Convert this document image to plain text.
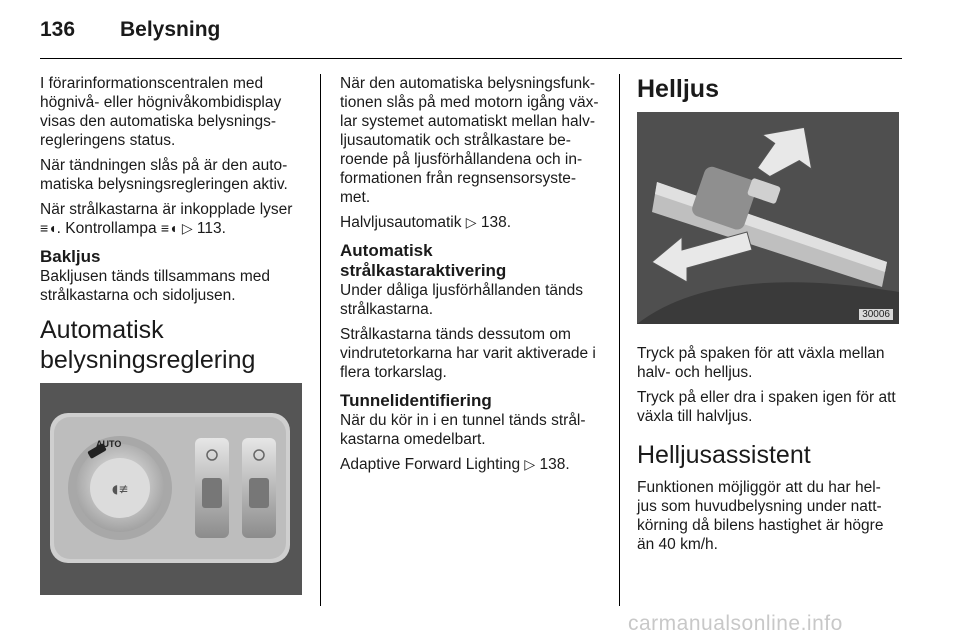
136 Belysning

I förarinformationscentralen med
högnivå- eller högnivåkombidisplay
visas den automatiska belysnings-
regleringens status.

När tändningen slås på är den auto-
matiska belysningsregleringen aktiv.

När strålkastarna är inkopplade lyser
≡◖. Kontrollampa ≡◖ ▷ 113.

Bakljus

Bakljusen tänds tillsammans med
strålkastarna och sidoljusen.

Automatisk
belysningsreglering
AUTO
◖≢

När den automatiska belysningsfunk-
tionen slås på med motorn igång väx-
lar systemet automatiskt mellan halv-
ljusautomatik och strålkastare be-
roende på ljusförhållandena och in-
formationen från regnsensorsyste-
met.

Halvljusautomatik ▷ 138.

Automatisk
strålkastaraktivering

Under dåliga ljusförhållanden tänds
strålkastarna.

Strålkastarna tänds dessutom om
vindrutetorkarna har varit aktiverade i
flera torkarslag.

Tunnelidentifiering

När du kör in i en tunnel tänds strål-
kastarna omedelbart.

Adaptive Forward Lighting ▷ 138.

Helljus

Tryck på spaken för att växla mellan
halv- och helljus.

Tryck på eller dra i spaken igen för att
växla till halvljus.

Helljusassistent

Funktionen möjliggör att du har hel-
jus som huvudbelysning under natt-
körning då bilens hastighet är högre
än 40 km/h.

30006
carmanualsonline.info
